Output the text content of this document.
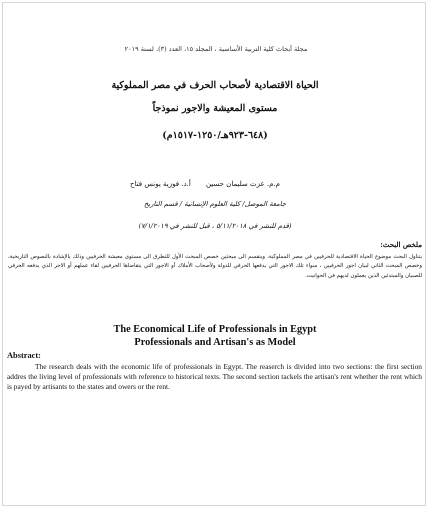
مجلة أبحاث كلية التربية الأساسية ، المجلد ١٥، العدد (٣)، لسنة ٢٠١٩
الحياة الاقتصادية لأصحاب الحرف في مصر المملوكية
مستوى المعيشة والاجور نموذجاً
(٦٤٨-٩٢٣هـ/١٢٥٠-١٥١٧م)
م.م. عزت سليمان حسين
أ.د. فوزية يونس فتاح
جامعة الموصل/ كلية العلوم الإنسانية / قسم التاريخ
(قدم للنشر في ٥/١١/٢٠١٨ ، قبل للنشر في ٧/١/٢٠١٩)
ملخص البحث:
يتناول البحث موضوع الحياة الاقتصادية للحرفيين في مصر المملوكية، وينقسم الى مبحثين خصص المبحث الأول للتطرق الى مستوى معيشة الحرفيين وذلك بالإشادة بالنصوص التاريخية، وخصص المبحث الثاني لبيان اجور الحرفيين ، سواء تلك الاجور التي يدفعها الحرفي للدولة ولأصحاب الأملاك أو الاجور التي يتقاضاها الحرفيين لقاء عملهم أو الاجر الذي يدفعه الحرفي للصبيان والمبتدئين الذين يعملون لديهم في الحوانيت.
The Economical Life of Professionals in Egypt
Professionals and Artisan's as Model
Abstract:

The research deals with the economic life of professionals in Egypt. The reaserch is divided into two sections: the first section addres the living level of professionals with reference to historical texts. The second section tackels the artisan's rent whether the rent which is payed by artisants to the states and owers or the rent.
